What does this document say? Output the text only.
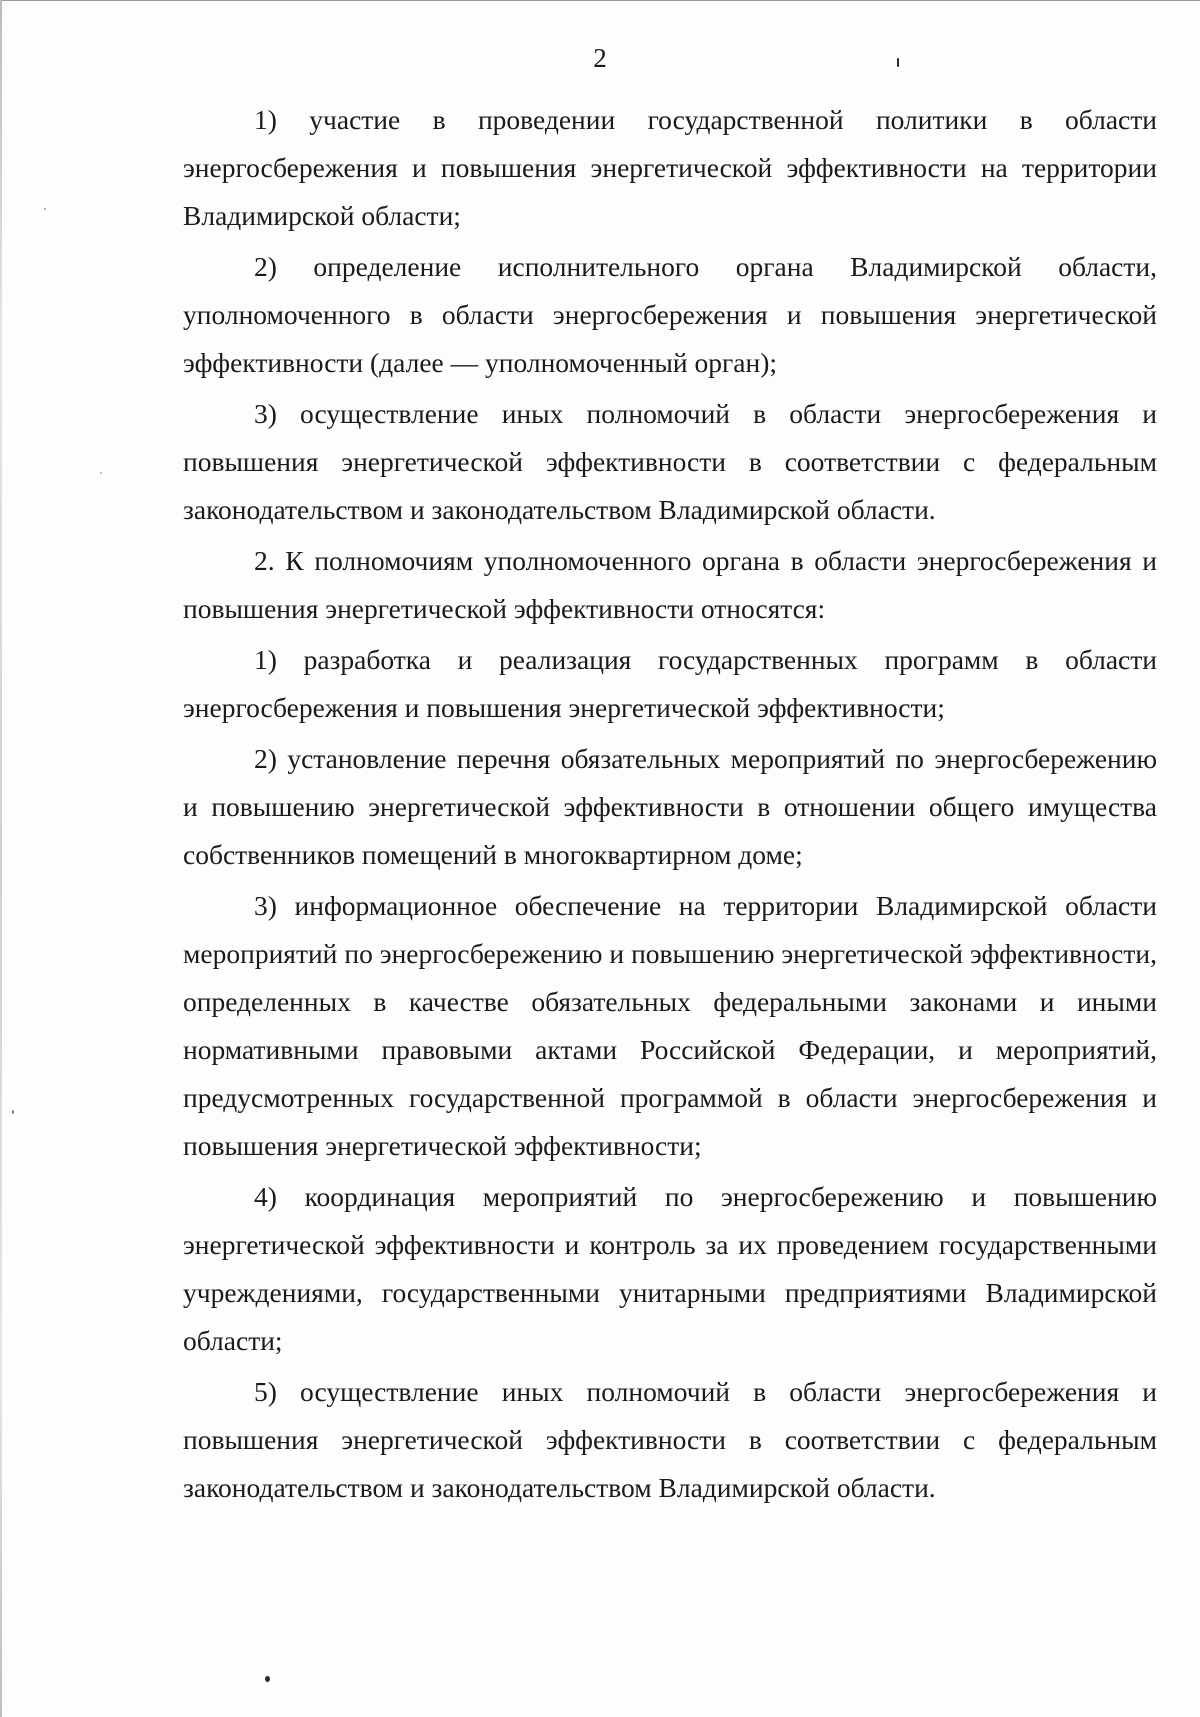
2

1) участие в проведении государственной политики в области энергосбережения и повышения энергетической эффективности на территории Владимирской области;

2) определение исполнительного органа Владимирской области, уполномоченного в области энергосбережения и повышения энергетической эффективности (далее — уполномоченный орган);

3) осуществление иных полномочий в области энергосбережения и повышения энергетической эффективности в соответствии с федеральным законодательством и законодательством Владимирской области.

2. К полномочиям уполномоченного органа в области энергосбережения и повышения энергетической эффективности относятся:

1) разработка и реализация государственных программ в области энергосбережения и повышения энергетической эффективности;

2) установление перечня обязательных мероприятий по энергосбережению и повышению энергетической эффективности в отношении общего имущества собственников помещений в многоквартирном доме;

3) информационное обеспечение на территории Владимирской области мероприятий по энергосбережению и повышению энергетической эффективности, определенных в качестве обязательных федеральными законами и иными нормативными правовыми актами Российской Федерации, и мероприятий, предусмотренных государственной программой в области энергосбережения и повышения энергетической эффективности;

4) координация мероприятий по энергосбережению и повышению энергетической эффективности и контроль за их проведением государственными учреждениями, государственными унитарными предприятиями Владимирской области;

5) осуществление иных полномочий в области энергосбережения и повышения энергетической эффективности в соответствии с федеральным законодательством и законодательством Владимирской области.
